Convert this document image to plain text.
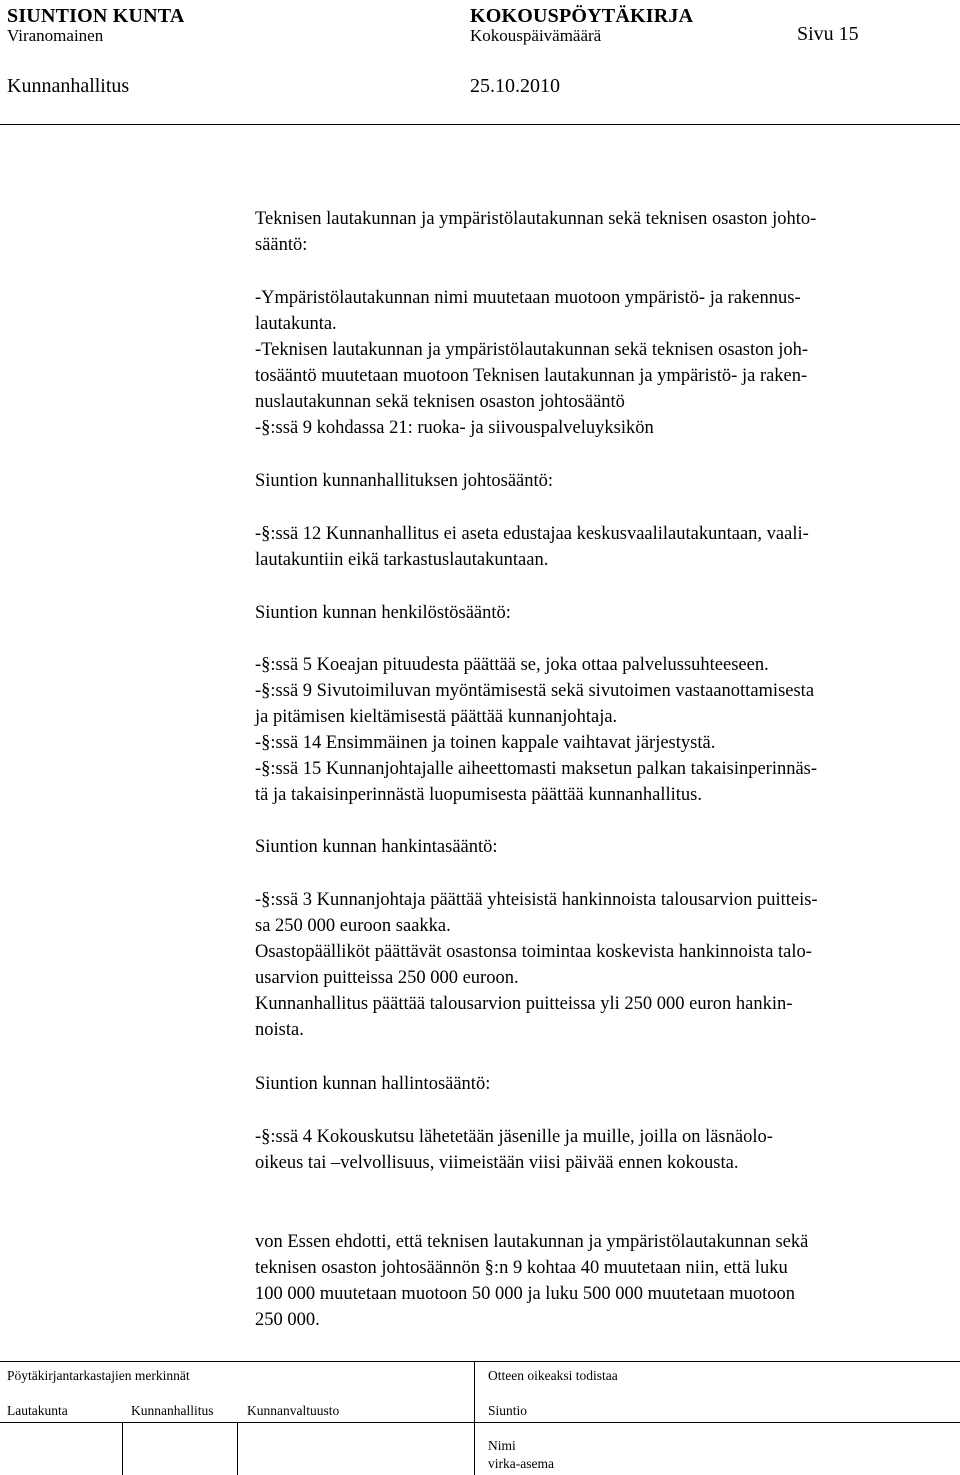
SIUNTION KUNTA	KOKOUSPÖYTÄKIRJA
Viranomainen	Kokouspäivämäärä	Sivu 15
Kunnanhallitus	25.10.2010
Teknisen lautakunnan ja ympäristölautakunnan sekä teknisen osaston johto-
sääntö:
-Ympäristölautakunnan nimi muutetaan muotoon ympäristö- ja rakennus-
lautakunta.
-Teknisen lautakunnan ja ympäristölautakunnan sekä teknisen osaston joh-
tosääntö muutetaan muotoon Teknisen lautakunnan ja ympäristö- ja raken-
nuslautakunnan sekä teknisen osaston johtosääntö
-§:ssä 9 kohdassa 21: ruoka- ja siivouspalveluyksikön
Siuntion kunnanhallituksen johtosääntö:
-§:ssä 12 Kunnanhallitus ei aseta edustajaa keskusvaalilautakuntaan, vaali-
lautakuntiin eikä tarkastuslautakuntaan.
Siuntion kunnan henkilöstösääntö:
-§:ssä 5 Koeajan pituudesta päättää se, joka ottaa palvelussuhteeseen.
-§:ssä 9 Sivutoimiluvan myöntämisestä sekä sivutoimen vastaanottamisesta
ja pitämisen kieltämisestä päättää kunnanjohtaja.
-§:ssä 14 Ensimmäinen ja toinen kappale vaihtavat järjestystä.
-§:ssä 15 Kunnanjohtajalle aiheettomasti maksetun palkan takaisinperinnäs-
tä ja takaisinperinnästä luopumisesta päättää kunnanhallitus.
Siuntion kunnan hankintasääntö:
-§:ssä 3 Kunnanjohtaja päättää yhteisistä hankinnoista talousarvion puitteis-
sa 250 000 euroon saakka.
Osastopäälliköt päättävät osastonsa toimintaa koskevista hankinnoista talo-
usarvion puitteissa 250 000 euroon.
Kunnanhallitus päättää talousarvion puitteissa yli 250 000 euron hankin-
noista.
Siuntion kunnan hallintosääntö:
-§:ssä 4 Kokouskutsu lähetetään jäsenille ja muille, joilla on läsnäolo-
oikeus tai –velvollisuus, viimeistään viisi päivää ennen kokousta.
von Essen ehdotti, että teknisen lautakunnan ja ympäristölautakunnan sekä
teknisen osaston johtosäännön §:n 9 kohtaa 40 muutetaan niin, että luku
100 000 muutetaan muotoon 50 000 ja luku 500 000 muutetaan muotoon
250 000.
Pöytäkirjantarkastajien merkinnät	Otteen oikeaksi todistaa
Lautakunta	Kunnanhallitus Kunnanvaltuusto	Siuntio
Nimi
virka-asema
